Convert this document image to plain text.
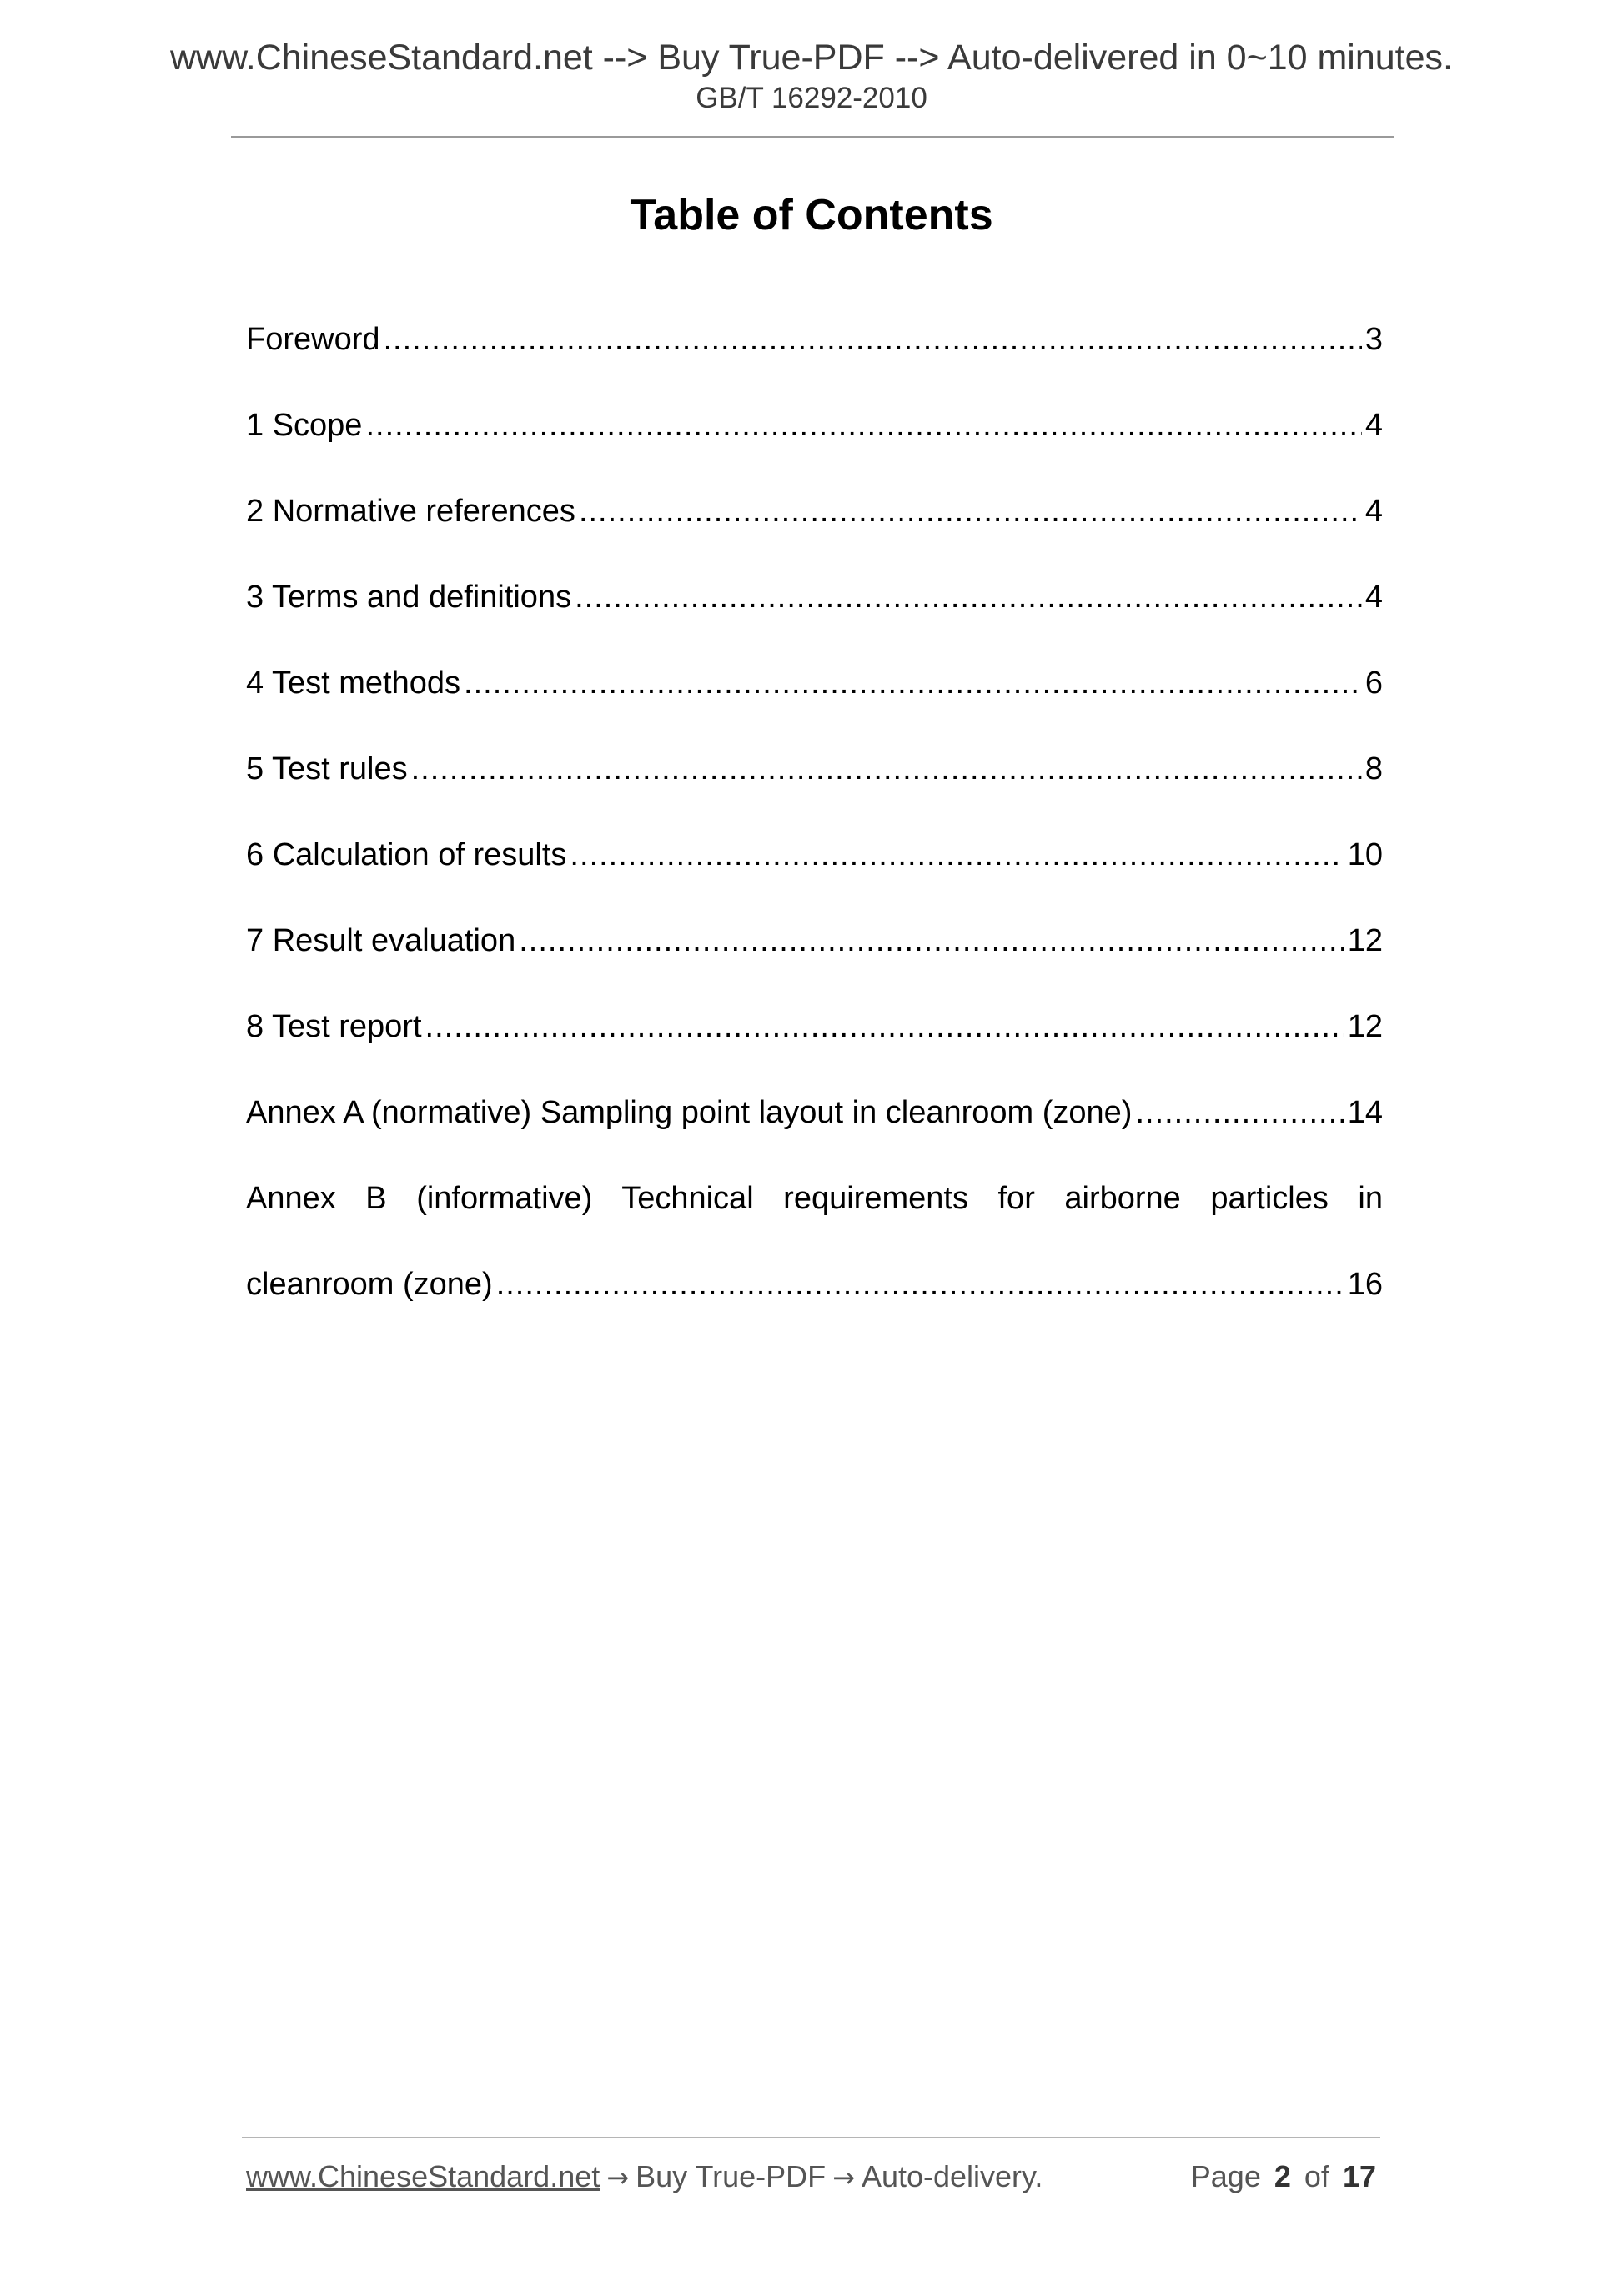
www.ChineseStandard.net --> Buy True-PDF --> Auto-delivered in 0~10 minutes.
GB/T 16292-2010
Table of Contents
Foreword .....	3
1 Scope .....	4
2 Normative references .....	4
3 Terms and definitions .....	4
4 Test methods .....	6
5 Test rules .....	8
6 Calculation of results .....	10
7 Result evaluation .....	12
8 Test report .....	12
Annex A (normative) Sampling point layout in cleanroom (zone) .....	14
Annex B (informative) Technical requirements for airborne particles in
cleanroom (zone) .....	16
www.ChineseStandard.net → Buy True-PDF → Auto-delivery.	Page 2 of 17
